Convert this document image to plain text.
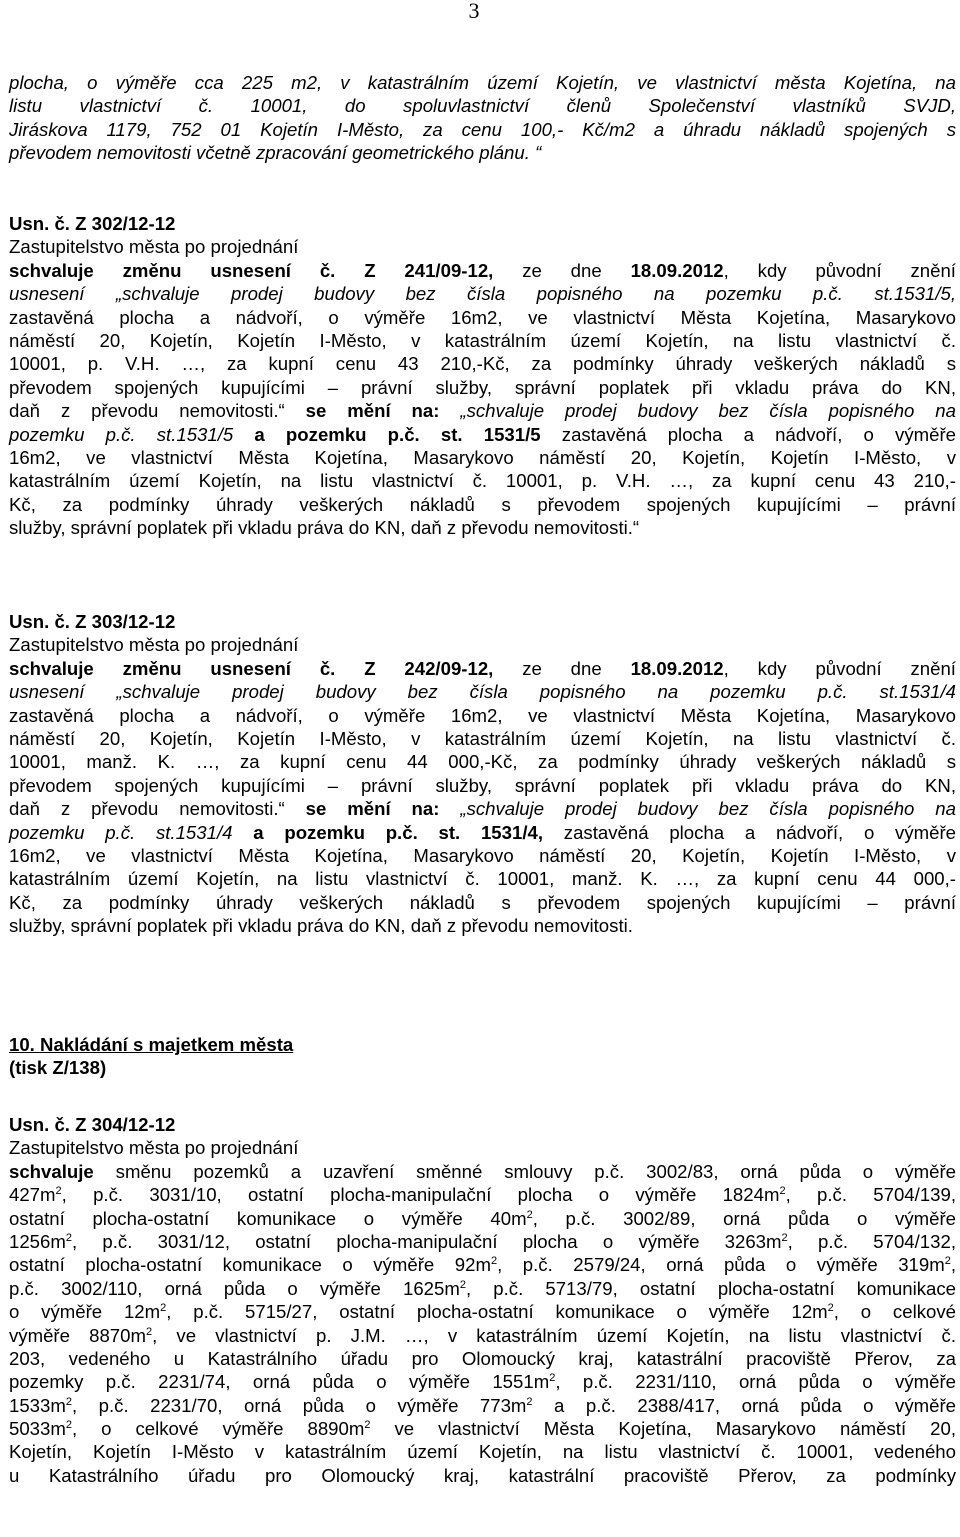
3
plocha, o výměře cca 225 m2, v katastrálním území Kojetín, ve vlastnictví města Kojetína, na
listu vlastnictví č. 10001, do spoluvlastnictví členů Společenství vlastníků SVJD,
Jiráskova 1179, 752 01 Kojetín I-Město, za cenu 100,- Kč/m2 a úhradu nákladů spojených s
převodem nemovitosti včetně zpracování geometrického plánu. “
Usn. č. Z 302/12-12
Zastupitelstvo města po projednání
schvaluje změnu usnesení č. Z 241/09-12, ze dne 18.09.2012, kdy původní znění
usnesení „schvaluje prodej budovy bez čísla popisného na pozemku p.č. st.1531/5,
zastavěná plocha a nádvoří, o výměře 16m2, ve vlastnictví Města Kojetína, Masarykovo
náměstí 20, Kojetín, Kojetín I-Město, v katastrálním území Kojetín, na listu vlastnictví č.
10001, p. V.H. …, za kupní cenu 43 210,-Kč, za podmínky úhrady veškerých nákladů s
převodem spojených kupujícími – právní služby, správní poplatek při vkladu práva do KN,
daň z převodu nemovitosti.“ se mění na: „schvaluje prodej budovy bez čísla popisného na
pozemku p.č. st.1531/5 a pozemku p.č. st. 1531/5 zastavěná plocha a nádvoří, o výměře
16m2, ve vlastnictví Města Kojetína, Masarykovo náměstí 20, Kojetín, Kojetín I-Město, v
katastrálním území Kojetín, na listu vlastnictví č. 10001, p. V.H. …, za kupní cenu 43 210,-
Kč, za podmínky úhrady veškerých nákladů s převodem spojených kupujícími – právní
služby, správní poplatek při vkladu práva do KN, daň z převodu nemovitosti.“
Usn. č. Z 303/12-12
Zastupitelstvo města po projednání
schvaluje změnu usnesení č. Z 242/09-12, ze dne 18.09.2012, kdy původní znění
usnesení „schvaluje prodej budovy bez čísla popisného na pozemku p.č. st.1531/4
zastavěná plocha a nádvoří, o výměře 16m2, ve vlastnictví Města Kojetína, Masarykovo
náměstí 20, Kojetín, Kojetín I-Město, v katastrálním území Kojetín, na listu vlastnictví č.
10001, manž. K. …, za kupní cenu 44 000,-Kč, za podmínky úhrady veškerých nákladů s
převodem spojených kupujícími – právní služby, správní poplatek při vkladu práva do KN,
daň z převodu nemovitosti.“ se mění na: „schvaluje prodej budovy bez čísla popisného na
pozemku p.č. st.1531/4 a pozemku p.č. st. 1531/4, zastavěná plocha a nádvoří, o výměře
16m2, ve vlastnictví Města Kojetína, Masarykovo náměstí 20, Kojetín, Kojetín I-Město, v
katastrálním území Kojetín, na listu vlastnictví č. 10001, manž. K. …, za kupní cenu 44 000,-
Kč, za podmínky úhrady veškerých nákladů s převodem spojených kupujícími – právní
služby, správní poplatek při vkladu práva do KN, daň z převodu nemovitosti.
10. Nakládání s majetkem města
(tisk Z/138)
Usn. č. Z 304/12-12
Zastupitelstvo města po projednání
schvaluje směnu pozemků a uzavření směnné smlouvy p.č. 3002/83, orná půda o výměře
$427m^2$, p.č. 3031/10, ostatní plocha-manipulační plocha o výměře $1824m^2$, p.č. 5704/139,
ostatní plocha-ostatní komunikace o výměře $40m^2$, p.č. 3002/89, orná půda o výměře
$1256m^2$, p.č. 3031/12, ostatní plocha-manipulační plocha o výměře $3263m^2$, p.č. 5704/132,
ostatní plocha-ostatní komunikace o výměře $92m^2$, p.č. 2579/24, orná půda o výměře $319m^2$,
p.č. 3002/110, orná půda o výměře $1625m^2$, p.č. 5713/79, ostatní plocha-ostatní komunikace
o výměře $12m^2$, p.č. 5715/27, ostatní plocha-ostatní komunikace o výměře $12m^2$, o celkové
výměře $8870m^2$, ve vlastnictví p. J.M. …, v katastrálním území Kojetín, na listu vlastnictví č.
203, vedeného u Katastrálního úřadu pro Olomoucký kraj, katastrální pracoviště Přerov, za
pozemky p.č. 2231/74, orná půda o výměře $1551m^2$, p.č. 2231/110, orná půda o výměře
$1533m^2$, p.č. 2231/70, orná půda o výměře $773m^2$ a p.č. 2388/417, orná půda o výměře
$5033m^2$, o celkové výměře $8890m^2$ ve vlastnictví Města Kojetína, Masarykovo náměstí 20,
Kojetín, Kojetín I-Město v katastrálním území Kojetín, na listu vlastnictví č. 10001, vedeného
u Katastrálního úřadu pro Olomoucký kraj, katastrální pracoviště Přerov, za podmínky
